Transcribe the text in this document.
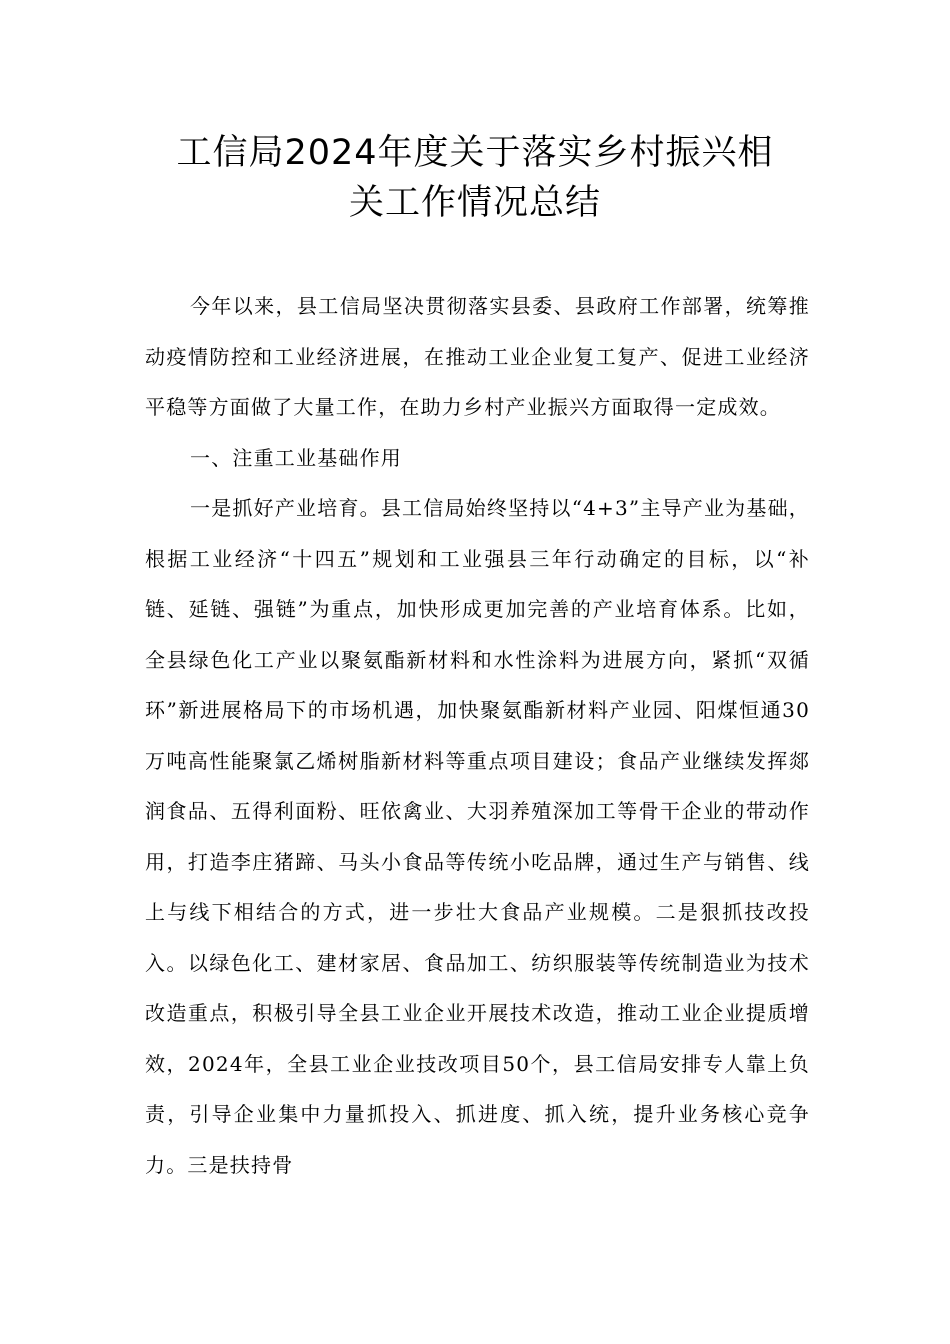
工信局2024年度关于落实乡村振兴相
关工作情况总结

今年以来，县工信局坚决贯彻落实县委、县政府工作部署，统筹推动疫情防控和工业经济进展，在推动工业企业复工复产、促进工业经济平稳等方面做了大量工作，在助力乡村产业振兴方面取得一定成效。

一、注重工业基础作用

一是抓好产业培育。县工信局始终坚持以“4+3”主导产业为基础，根据工业经济“十四五”规划和工业强县三年行动确定的目标，以“补链、延链、强链”为重点，加快形成更加完善的产业培育体系。比如，全县绿色化工产业以聚氨酯新材料和水性涂料为进展方向，紧抓“双循环”新进展格局下的市场机遇，加快聚氨酯新材料产业园、阳煤恒通30万吨高性能聚氯乙烯树脂新材料等重点项目建设；食品产业继续发挥郯润食品、五得利面粉、旺依禽业、大羽养殖深加工等骨干企业的带动作用，打造李庄猪蹄、马头小食品等传统小吃品牌，通过生产与销售、线上与线下相结合的方式，进一步壮大食品产业规模。二是狠抓技改投入。以绿色化工、建材家居、食品加工、纺织服装等传统制造业为技术改造重点，积极引导全县工业企业开展技术改造，推动工业企业提质增效，2024年，全县工业企业技改项目50个，县工信局安排专人靠上负责，引导企业集中力量抓投入、抓进度、抓入统，提升业务核心竞争力。三是扶持骨
